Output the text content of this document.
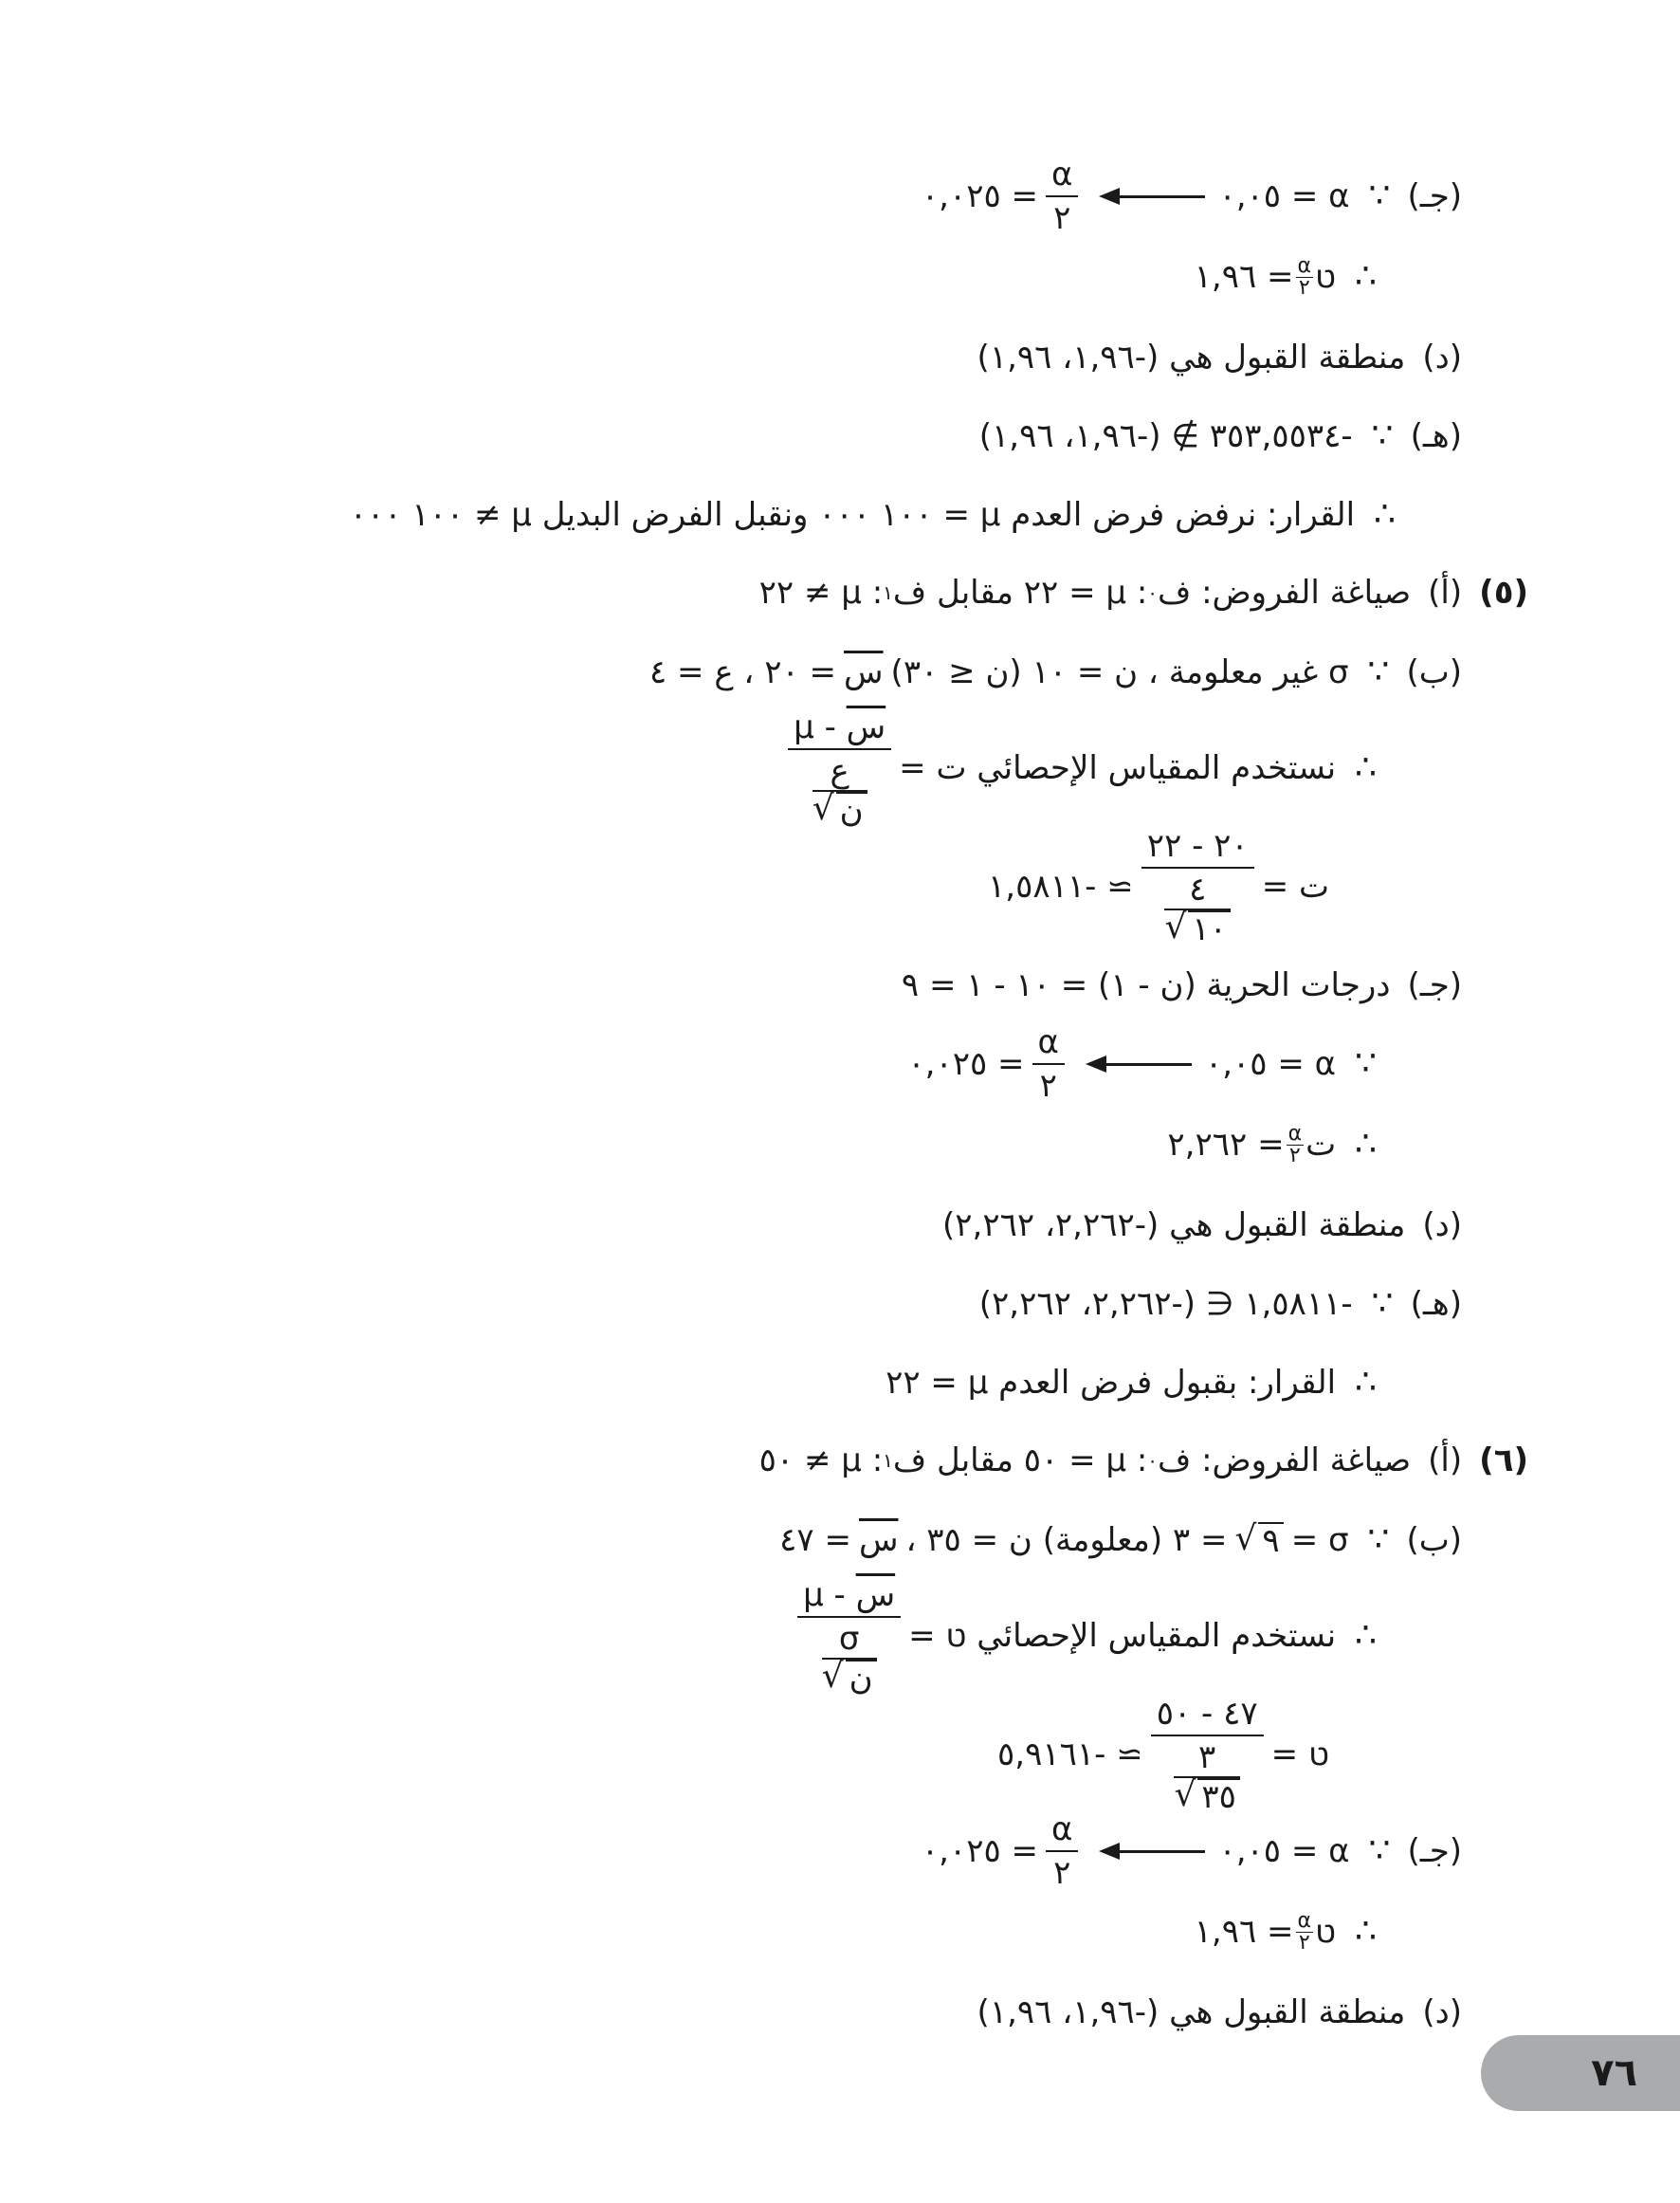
(جـ)
∵
α = ٠,٠٥
$\frac{\alpha}{٢}$
= ٠,٠٢٥
∴
ט
$\frac{\alpha}{٢}$
= ١,٩٦
(د)
منطقة القبول هي (-١,٩٦، ١,٩٦)
(هـ)
∵
-٣٥٣,٥٥٣٤ ∌ (-١,٩٦، ١,٩٦)
∴
القرار: نرفض فرض العدم μ = ١٠٠ ٠٠٠ ونقبل الفرض البديل μ ≠ ١٠٠ ٠٠٠
(٥)
(أ)
صياغة الفروض: ف
٠
: μ = ٢٢ مقابل ف
١
: μ ≠ ٢٢
(ب)
∵
σ غير معلومة ، ن = ١٠ (ن ≤ ٣٠)
س
= ٢٠ ، ع = ٤
∴
نستخدم المقياس الإحصائي ت =
س - μ
ع
ن
√
ت =
٢٠ - ٢٢
٤
١٠
√
≃ -١,٥٨١١
(جـ)
درجات الحرية (ن - ١) = ١٠ - ١ = ٩
∵
α = ٠,٠٥
$\frac{\alpha}{٢}$
= ٠,٠٢٥
∴
ت
$\frac{\alpha}{٢}$
= ٢,٢٦٢
(د)
منطقة القبول هي (-٢,٢٦٢، ٢,٢٦٢)
(هـ)
∵
-١,٥٨١١ ∈ (-٢,٢٦٢، ٢,٢٦٢)
∴
القرار: بقبول فرض العدم μ = ٢٢
(٦)
(أ)
صياغة الفروض: ف
٠
: μ = ٥٠ مقابل ف
١
: μ ≠ ٥٠
(ب)
∵
σ =
٩
√
= ٣ (معلومة) ن = ٣٥ ،
س
= ٤٧
∴
نستخدم المقياس الإحصائي ט =
س - μ
σ
ن
√
ט =
٤٧ - ٥٠
٣
٣٥
√
≃ -٥,٩١٦١
(جـ)
∵
α = ٠,٠٥
$\frac{\alpha}{٢}$
= ٠,٠٢٥
∴
ט
$\frac{\alpha}{٢}$
= ١,٩٦
(د)
منطقة القبول هي (-١,٩٦، ١,٩٦)
٧٦
